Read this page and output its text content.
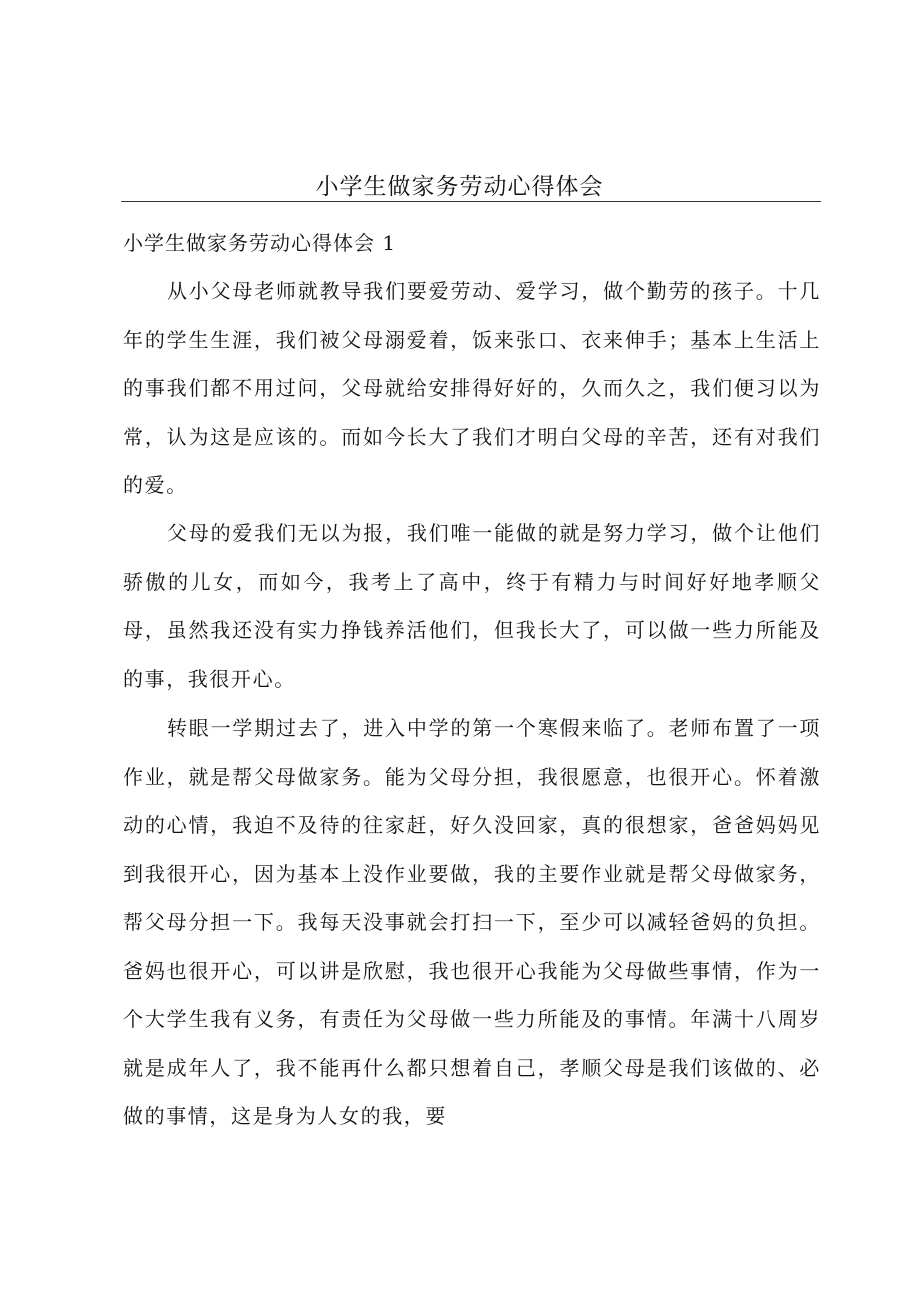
小学生做家务劳动心得体会
小学生做家务劳动心得体会 1

从小父母老师就教导我们要爱劳动、爱学习，做个勤劳的孩子。十几年的学生生涯，我们被父母溺爱着，饭来张口、衣来伸手；基本上生活上的事我们都不用过问，父母就给安排得好好的，久而久之，我们便习以为常，认为这是应该的。而如今长大了我们才明白父母的辛苦，还有对我们的爱。

父母的爱我们无以为报，我们唯一能做的就是努力学习，做个让他们骄傲的儿女，而如今，我考上了高中，终于有精力与时间好好地孝顺父母，虽然我还没有实力挣钱养活他们，但我长大了，可以做一些力所能及的事，我很开心。

转眼一学期过去了，进入中学的第一个寒假来临了。老师布置了一项作业，就是帮父母做家务。能为父母分担，我很愿意，也很开心。怀着激动的心情，我迫不及待的往家赶，好久没回家，真的很想家，爸爸妈妈见到我很开心，因为基本上没作业要做，我的主要作业就是帮父母做家务，帮父母分担一下。我每天没事就会打扫一下，至少可以减轻爸妈的负担。爸妈也很开心，可以讲是欣慰，我也很开心我能为父母做些事情，作为一个大学生我有义务，有责任为父母做一些力所能及的事情。年满十八周岁就是成年人了，我不能再什么都只想着自己，孝顺父母是我们该做的、必做的事情，这是身为人女的我，要
